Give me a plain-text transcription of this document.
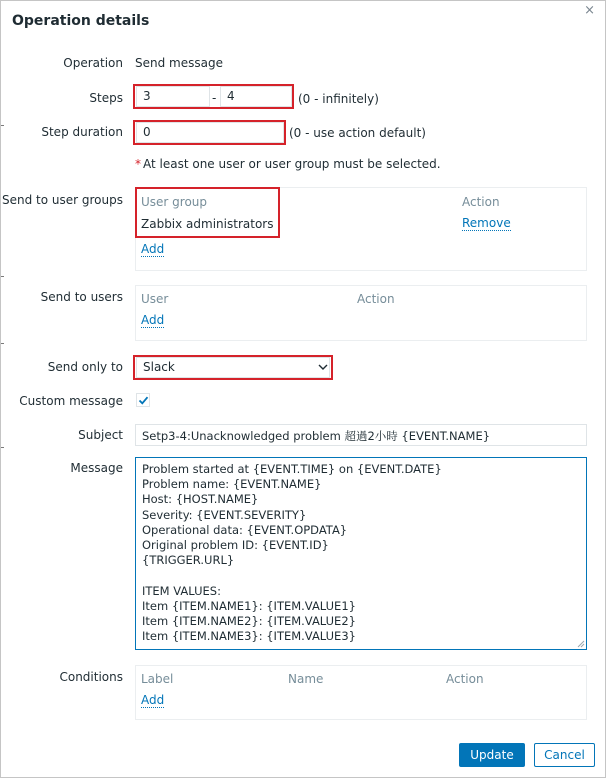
Operation details
×
Operation Send message
Steps	3	- 4	(0 - infinitely)
Step duration	0	(0 - use action default)
* At least one user or user group must be selected.
Send to user groups User group	Action
Zabbix administrators	Remove
Add
Send to users User	Action
Add
Send only to	Slack
Custom message
Subject	Setp3-4:Unacknowledged problem 超過2小時 {EVENT.NAME}
Message
Problem started at {EVENT.TIME} on {EVENT.DATE} Problem name: {EVENT.NAME} Host: {HOST.NAME} Severity: {EVENT.SEVERITY} Operational data: {EVENT.OPDATA} Original problem ID: {EVENT.ID} {TRIGGER.URL} ITEM VALUES: Item {ITEM.NAME1}: {ITEM.VALUE1} Item {ITEM.NAME2}: {ITEM.VALUE2} Item {ITEM.NAME3}: {ITEM.VALUE3}
Conditions Label	Name	Action
Add
Update	Cancel
